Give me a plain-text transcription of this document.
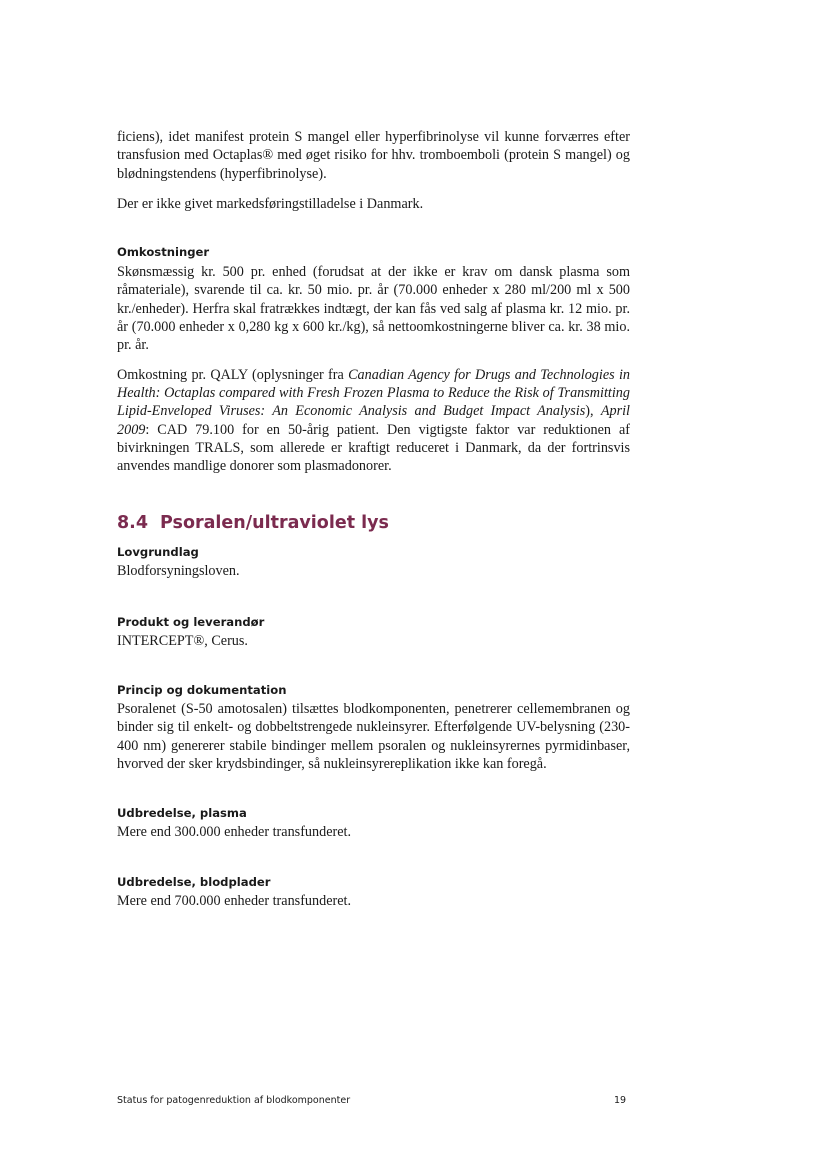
ficiens), idet manifest protein S mangel eller hyperfibrinolyse vil kunne forværres efter transfusion med Octaplas® med øget risiko for hhv. tromboemboli (protein S mangel) og blødningstendens (hyperfibrinolyse).

Der er ikke givet markedsføringstilladelse i Danmark.

Omkostninger

Skønsmæssig kr. 500 pr. enhed (forudsat at der ikke er krav om dansk plasma som råmateriale), svarende til ca. kr. 50 mio. pr. år (70.000 enheder x 280 ml/200 ml x 500 kr./enheder). Herfra skal fratrækkes indtægt, der kan fås ved salg af plasma kr. 12 mio. pr. år (70.000 enheder x 0,280 kg x 600 kr./kg), så nettoomkostningerne bliver ca. kr. 38 mio. pr. år.

Omkostning pr. QALY (oplysninger fra Canadian Agency for Drugs and Technologies in Health: Octaplas compared with Fresh Frozen Plasma to Reduce the Risk of Transmitting Lipid-Enveloped Viruses: An Economic Analysis and Budget Impact Analysis), April 2009: CAD 79.100 for en 50-årig patient. Den vigtigste faktor var reduktionen af bivirkningen TRALS, som allerede er kraftigt reduceret i Danmark, da der fortrinsvis anvendes mandlige donorer som plasmadonorer.

8.4 Psoralen/ultraviolet lys
Lovgrundlag

Blodforsyningsloven.

Produkt og leverandør

INTERCEPT®, Cerus.

Princip og dokumentation

Psoralenet (S-50 amotosalen) tilsættes blodkomponenten, penetrerer cellemembranen og binder sig til enkelt- og dobbeltstrengede nukleinsyrer. Efterfølgende UV-belysning (230-400 nm) genererer stabile bindinger mellem psoralen og nukleinsyrernes pyrmidinbaser, hvorved der sker krydsbindinger, så nukleinsyrereplikation ikke kan foregå.

Udbredelse, plasma

Mere end 300.000 enheder transfunderet.

Udbredelse, blodplader

Mere end 700.000 enheder transfunderet.

Status for patogenreduktion af blodkomponenter	19
